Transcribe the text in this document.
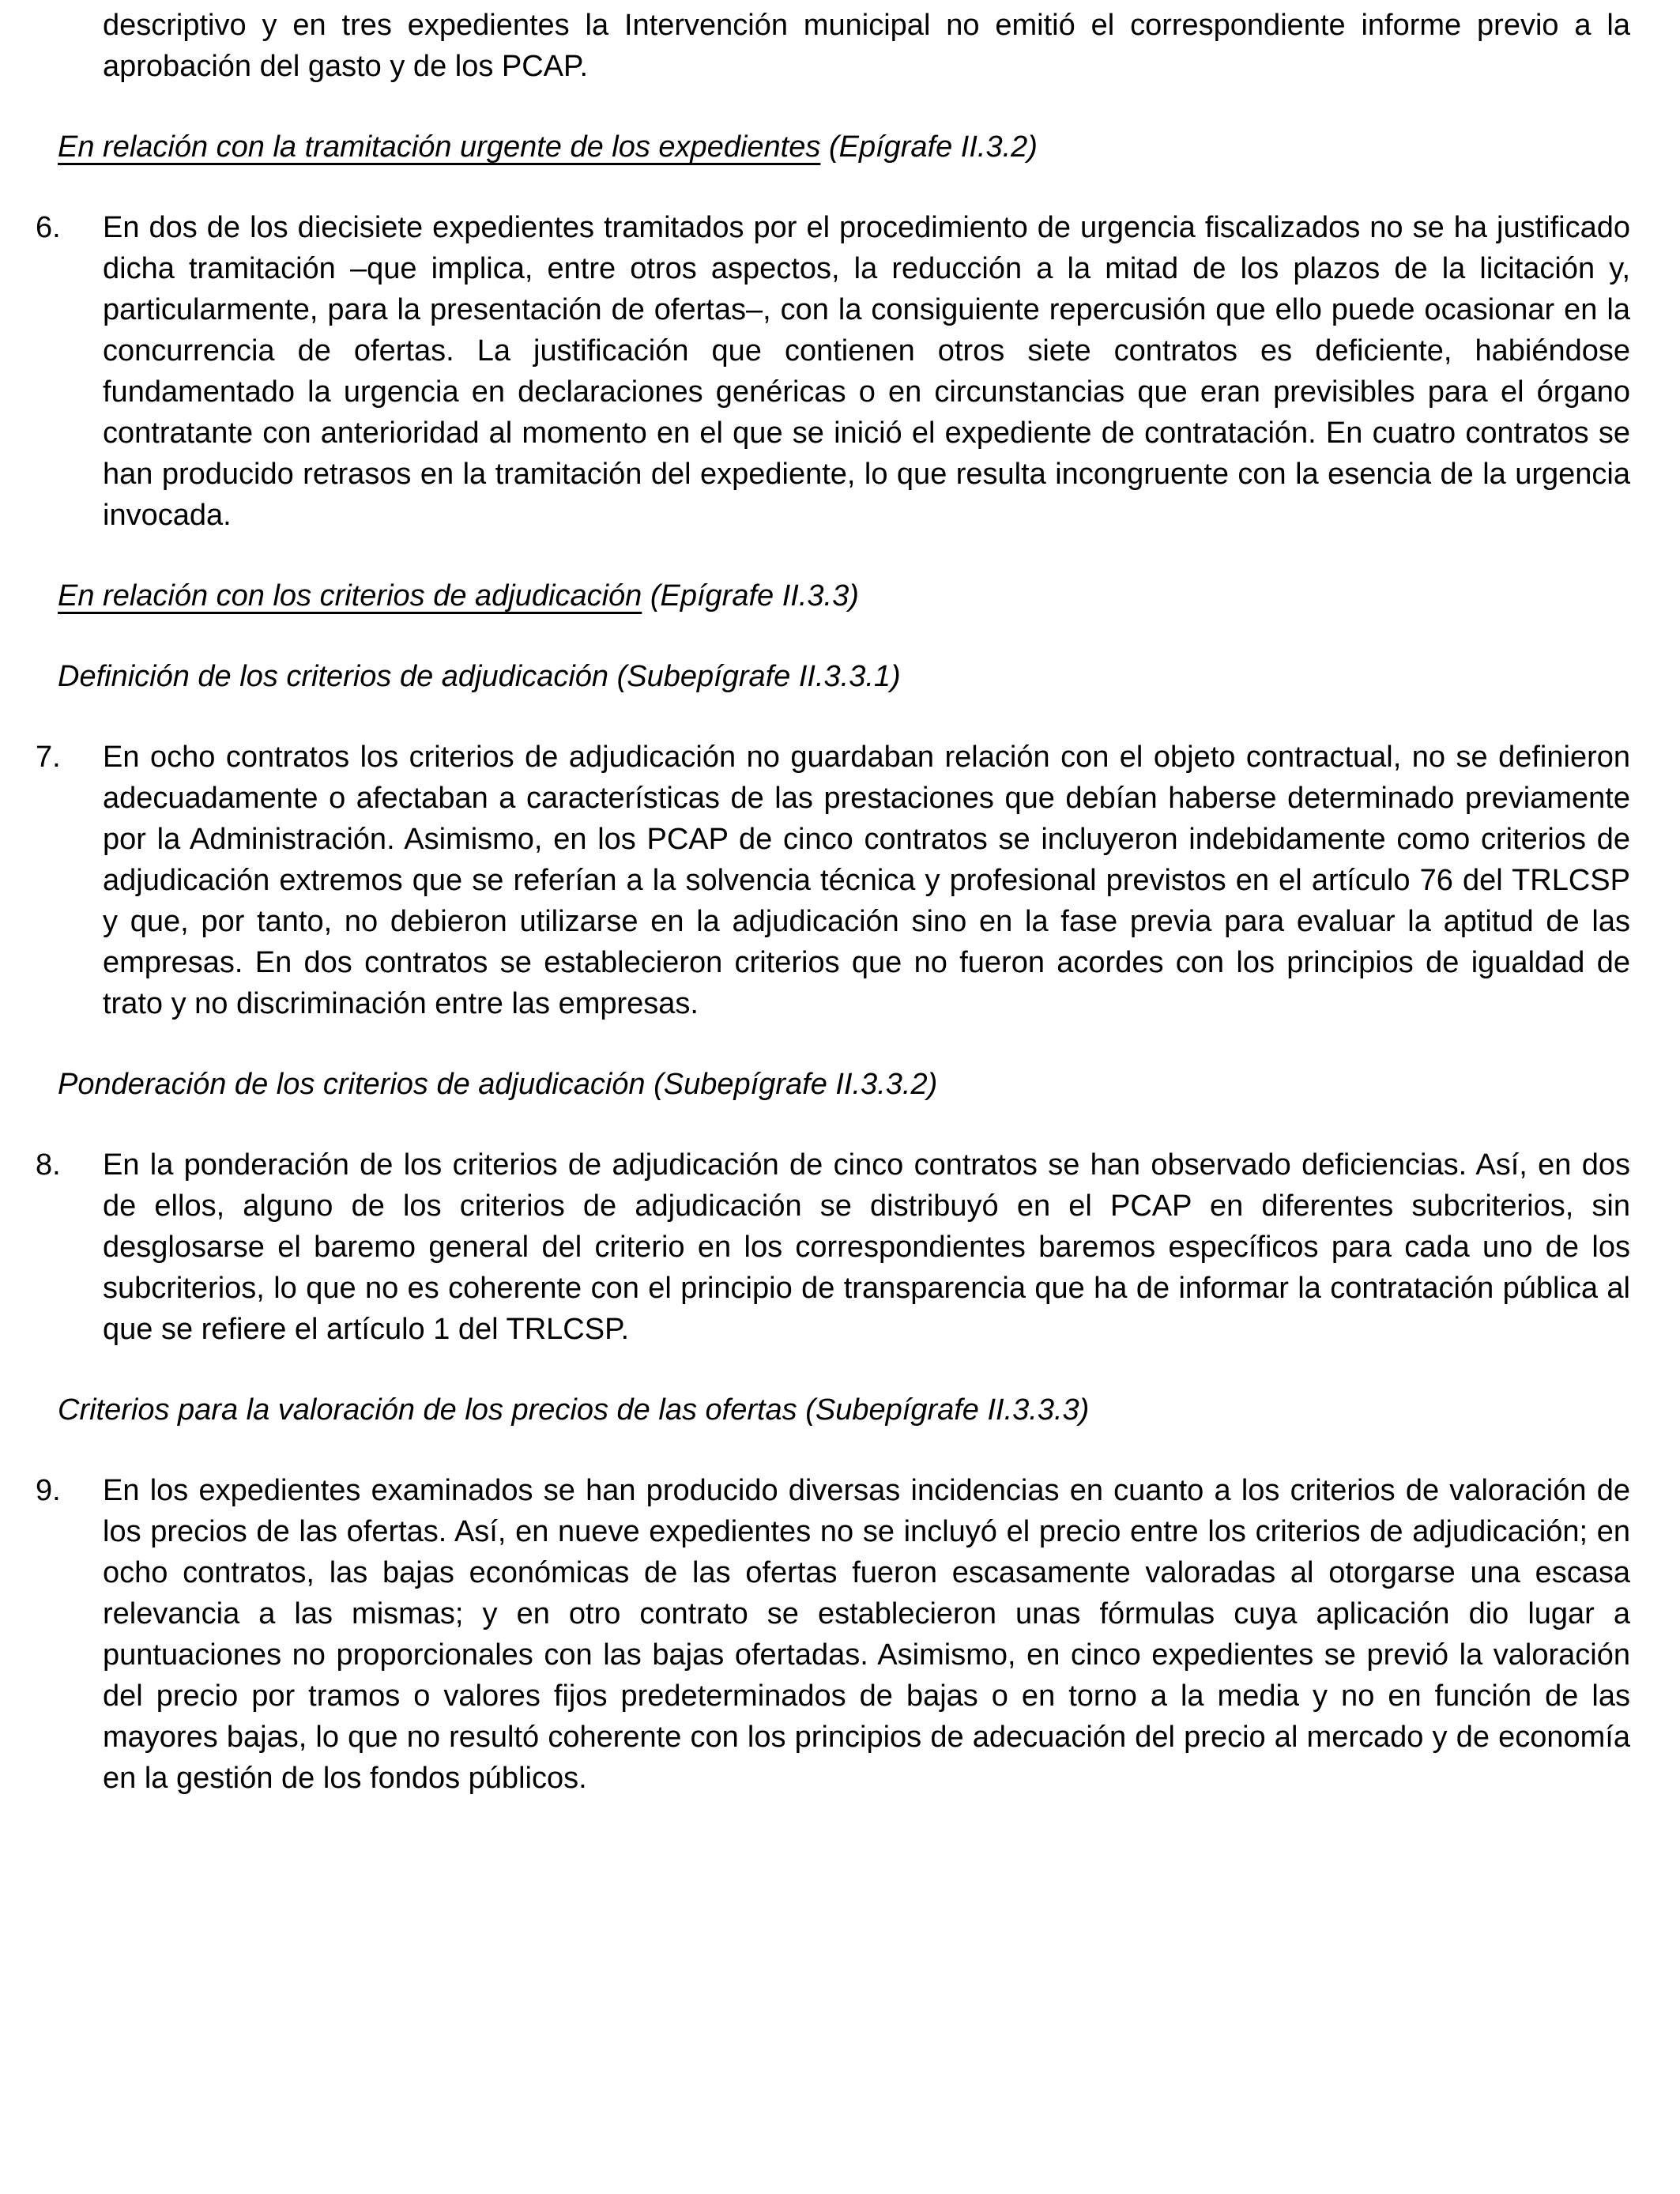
descriptivo y en tres expedientes la Intervención municipal no emitió el correspondiente informe previo a la aprobación del gasto y de los PCAP.

En relación con la tramitación urgente de los expedientes (Epígrafe II.3.2)

6. En dos de los diecisiete expedientes tramitados por el procedimiento de urgencia fiscalizados no se ha justificado dicha tramitación –que implica, entre otros aspectos, la reducción a la mitad de los plazos de la licitación y, particularmente, para la presentación de ofertas–, con la consiguiente repercusión que ello puede ocasionar en la concurrencia de ofertas. La justificación que contienen otros siete contratos es deficiente, habiéndose fundamentado la urgencia en declaraciones genéricas o en circunstancias que eran previsibles para el órgano contratante con anterioridad al momento en el que se inició el expediente de contratación. En cuatro contratos se han producido retrasos en la tramitación del expediente, lo que resulta incongruente con la esencia de la urgencia invocada.

En relación con los criterios de adjudicación (Epígrafe II.3.3)

Definición de los criterios de adjudicación (Subepígrafe II.3.3.1)

7. En ocho contratos los criterios de adjudicación no guardaban relación con el objeto contractual, no se definieron adecuadamente o afectaban a características de las prestaciones que debían haberse determinado previamente por la Administración. Asimismo, en los PCAP de cinco contratos se incluyeron indebidamente como criterios de adjudicación extremos que se referían a la solvencia técnica y profesional previstos en el artículo 76 del TRLCSP y que, por tanto, no debieron utilizarse en la adjudicación sino en la fase previa para evaluar la aptitud de las empresas. En dos contratos se establecieron criterios que no fueron acordes con los principios de igualdad de trato y no discriminación entre las empresas.

Ponderación de los criterios de adjudicación (Subepígrafe II.3.3.2)

8. En la ponderación de los criterios de adjudicación de cinco contratos se han observado deficiencias. Así, en dos de ellos, alguno de los criterios de adjudicación se distribuyó en el PCAP en diferentes subcriterios, sin desglosarse el baremo general del criterio en los correspondientes baremos específicos para cada uno de los subcriterios, lo que no es coherente con el principio de transparencia que ha de informar la contratación pública al que se refiere el artículo 1 del TRLCSP.

Criterios para la valoración de los precios de las ofertas (Subepígrafe II.3.3.3)

9. En los expedientes examinados se han producido diversas incidencias en cuanto a los criterios de valoración de los precios de las ofertas. Así, en nueve expedientes no se incluyó el precio entre los criterios de adjudicación; en ocho contratos, las bajas económicas de las ofertas fueron escasamente valoradas al otorgarse una escasa relevancia a las mismas; y en otro contrato se establecieron unas fórmulas cuya aplicación dio lugar a puntuaciones no proporcionales con las bajas ofertadas. Asimismo, en cinco expedientes se previó la valoración del precio por tramos o valores fijos predeterminados de bajas o en torno a la media y no en función de las mayores bajas, lo que no resultó coherente con los principios de adecuación del precio al mercado y de economía en la gestión de los fondos públicos.
